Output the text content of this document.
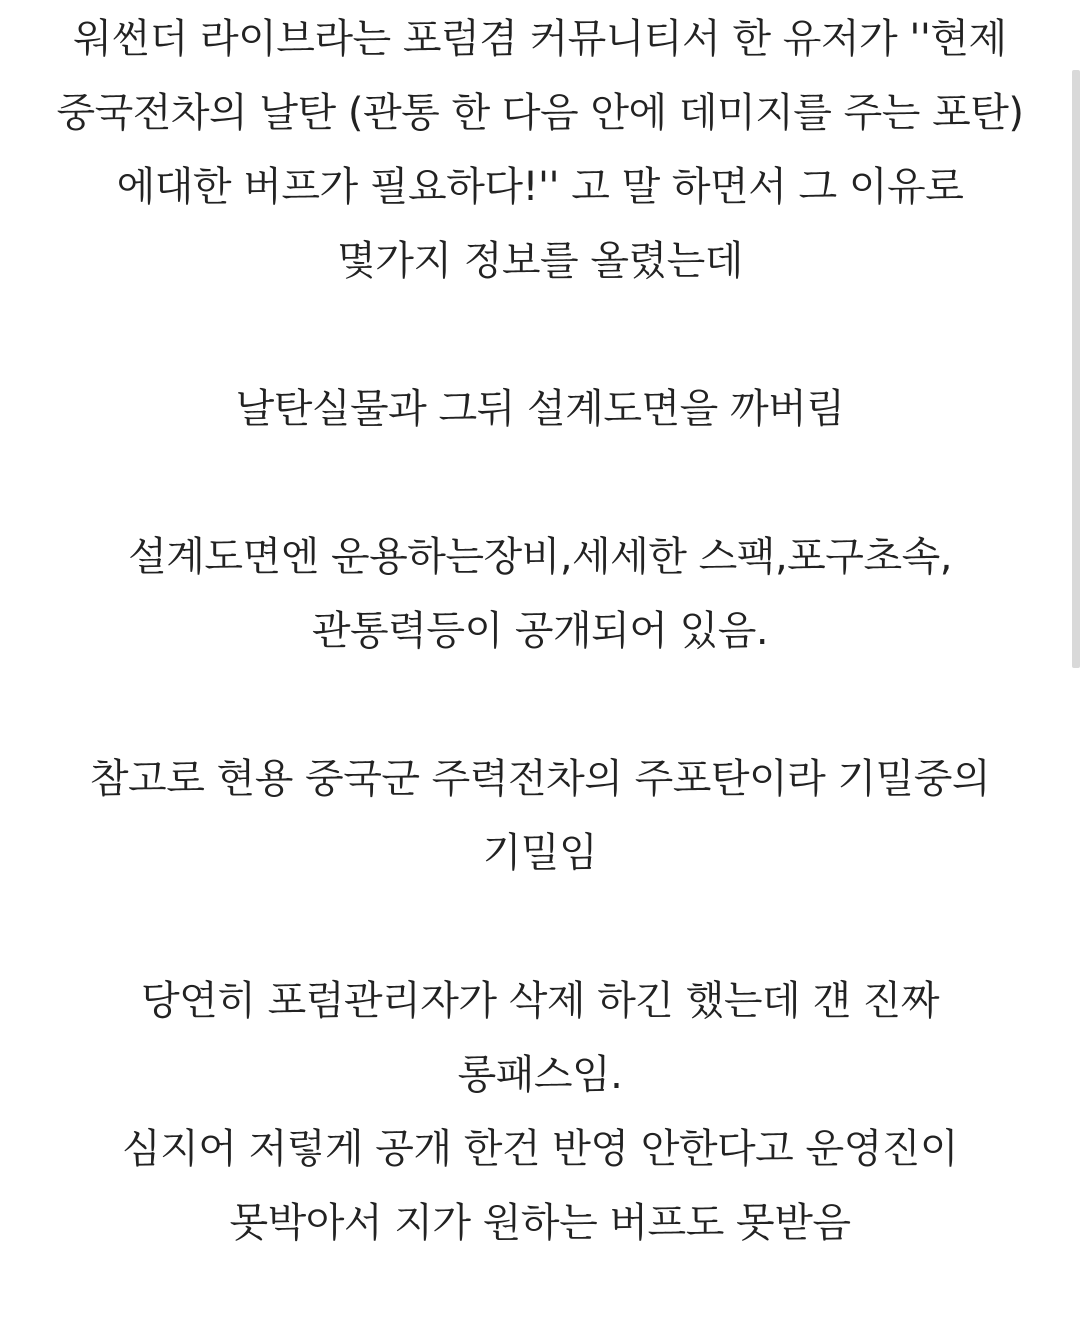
워썬더 라이브라는 포럼겸 커뮤니티서 한 유저가 ''현제 중국전차의 날탄 (관통 한 다음 안에 데미지를 주는 포탄) 에대한 버프가 필요하다!'' 고 말 하면서 그 이유로 몇가지 정보를 올렸는데

날탄실물과 그뒤 설계도면을 까버림

설계도면엔 운용하는장비,세세한 스팩,포구초속,관통력등이 공개되어 있음.

참고로 현용 중국군 주력전차의 주포탄이라 기밀중의 기밀임

당연히 포럼관리자가 삭제 하긴 했는데 걘 진짜 롱패스임.

심지어 저렇게 공개 한건 반영 안한다고 운영진이 못박아서 지가 원하는 버프도 못받음
